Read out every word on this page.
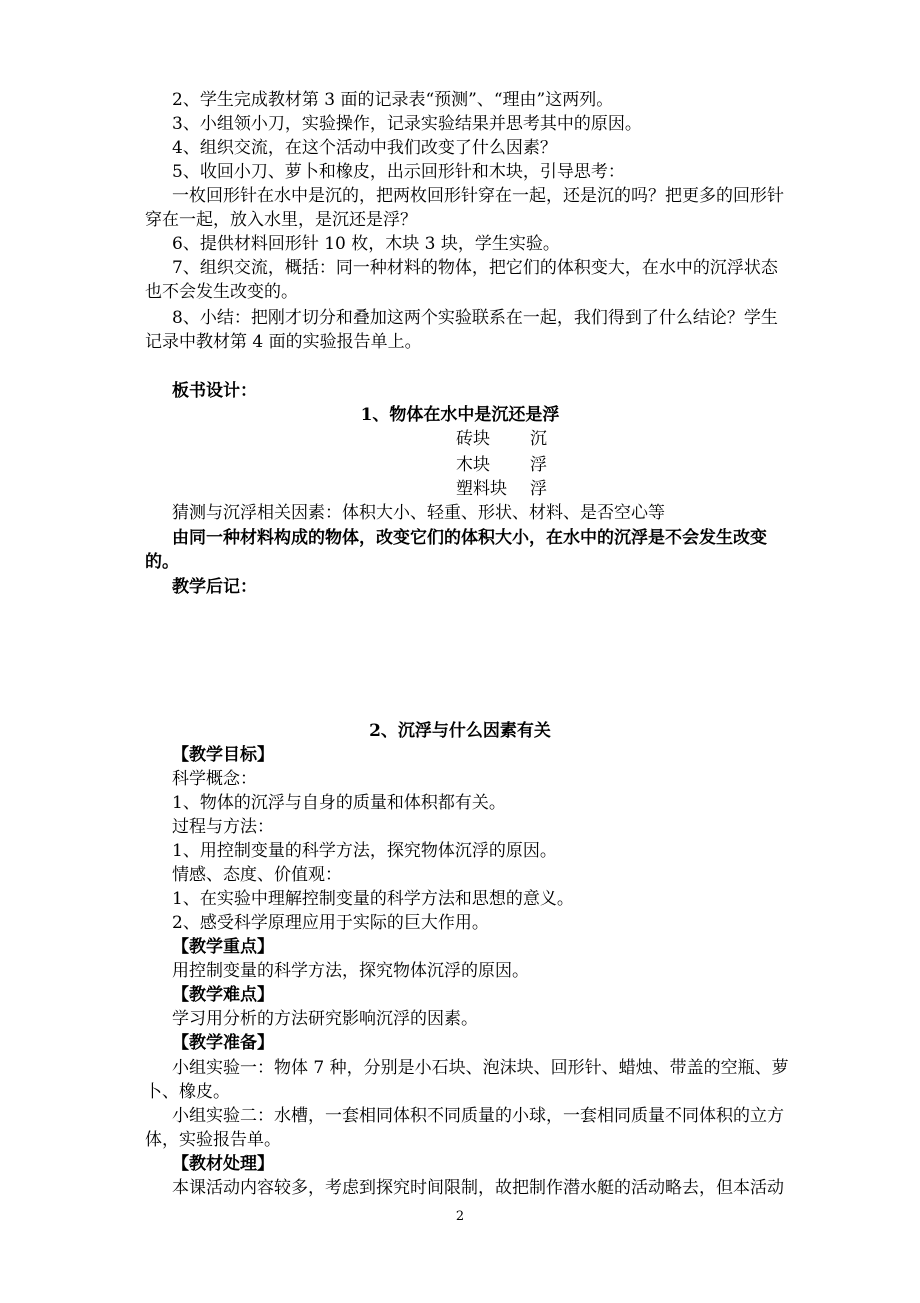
2、学生完成教材第 3 面的记录表“预测”、“理由”这两列。
3、小组领小刀，实验操作，记录实验结果并思考其中的原因。
4、组织交流，在这个活动中我们改变了什么因素？
5、收回小刀、萝卜和橡皮，出示回形针和木块，引导思考：
一枚回形针在水中是沉的，把两枚回形针穿在一起，还是沉的吗？把更多的回形针
穿在一起，放入水里，是沉还是浮？
6、提供材料回形针 10 枚，木块 3 块，学生实验。
7、组织交流，概括：同一种材料的物体，把它们的体积变大，在水中的沉浮状态
也不会发生改变的。
8、小结：把刚才切分和叠加这两个实验联系在一起，我们得到了什么结论？学生
记录中教材第 4 面的实验报告单上。
板书设计：
1、物体在水中是沉还是浮
砖块 沉
木块 浮
塑料块 浮
猜测与沉浮相关因素：体积大小、轻重、形状、材料、是否空心等
由同一种材料构成的物体，改变它们的体积大小，在水中的沉浮是不会发生改变
的。
教学后记：
2、沉浮与什么因素有关
【教学目标】
科学概念：
1、物体的沉浮与自身的质量和体积都有关。
过程与方法：
1、用控制变量的科学方法，探究物体沉浮的原因。
情感、态度、价值观：
1、在实验中理解控制变量的科学方法和思想的意义。
2、感受科学原理应用于实际的巨大作用。
【教学重点】
用控制变量的科学方法，探究物体沉浮的原因。
【教学难点】
学习用分析的方法研究影响沉浮的因素。
【教学准备】
小组实验一：物体 7 种，分别是小石块、泡沫块、回形针、蜡烛、带盖的空瓶、萝
卜、橡皮。
小组实验二：水槽，一套相同体积不同质量的小球，一套相同质量不同体积的立方
体，实验报告单。
【教材处理】
本课活动内容较多，考虑到探究时间限制，故把制作潜水艇的活动略去，但本活动
2
